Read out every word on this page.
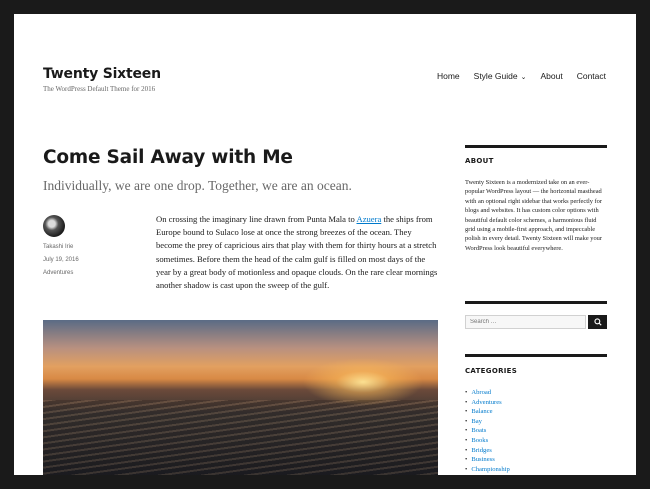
Twenty Sixteen
The WordPress Default Theme for 2016
Home Style Guide ⌄ About Contact
Come Sail Away with Me
Individually, we are one drop. Together, we are an ocean.
Takashi Irie
July 19, 2016
Adventures

On crossing the imaginary line drawn from Punta Mala to Azuera the ships from Europe bound to Sulaco lose at once the strong breezes of the ocean. They become the prey of capricious airs that play with them for thirty hours at a stretch sometimes. Before them the head of the calm gulf is filled on most days of the year by a great body of motionless and opaque clouds. On the rare clear mornings another shadow is cast upon the sweep of the gulf.

ABOUT

Twenty Sixteen is a modernized take on an ever-popular WordPress layout — the horizontal masthead with an optional right sidebar that works perfectly for blogs and websites. It has custom color options with beautiful default color schemes, a harmonious fluid grid using a mobile-first approach, and impeccable polish in every detail. Twenty Sixteen will make your WordPress look beautiful everywhere.

Search …
CATEGORIES
• Abroad
• Adventures
• Balance
• Bay
• Boats
• Books
• Bridges
• Business
• Championship
